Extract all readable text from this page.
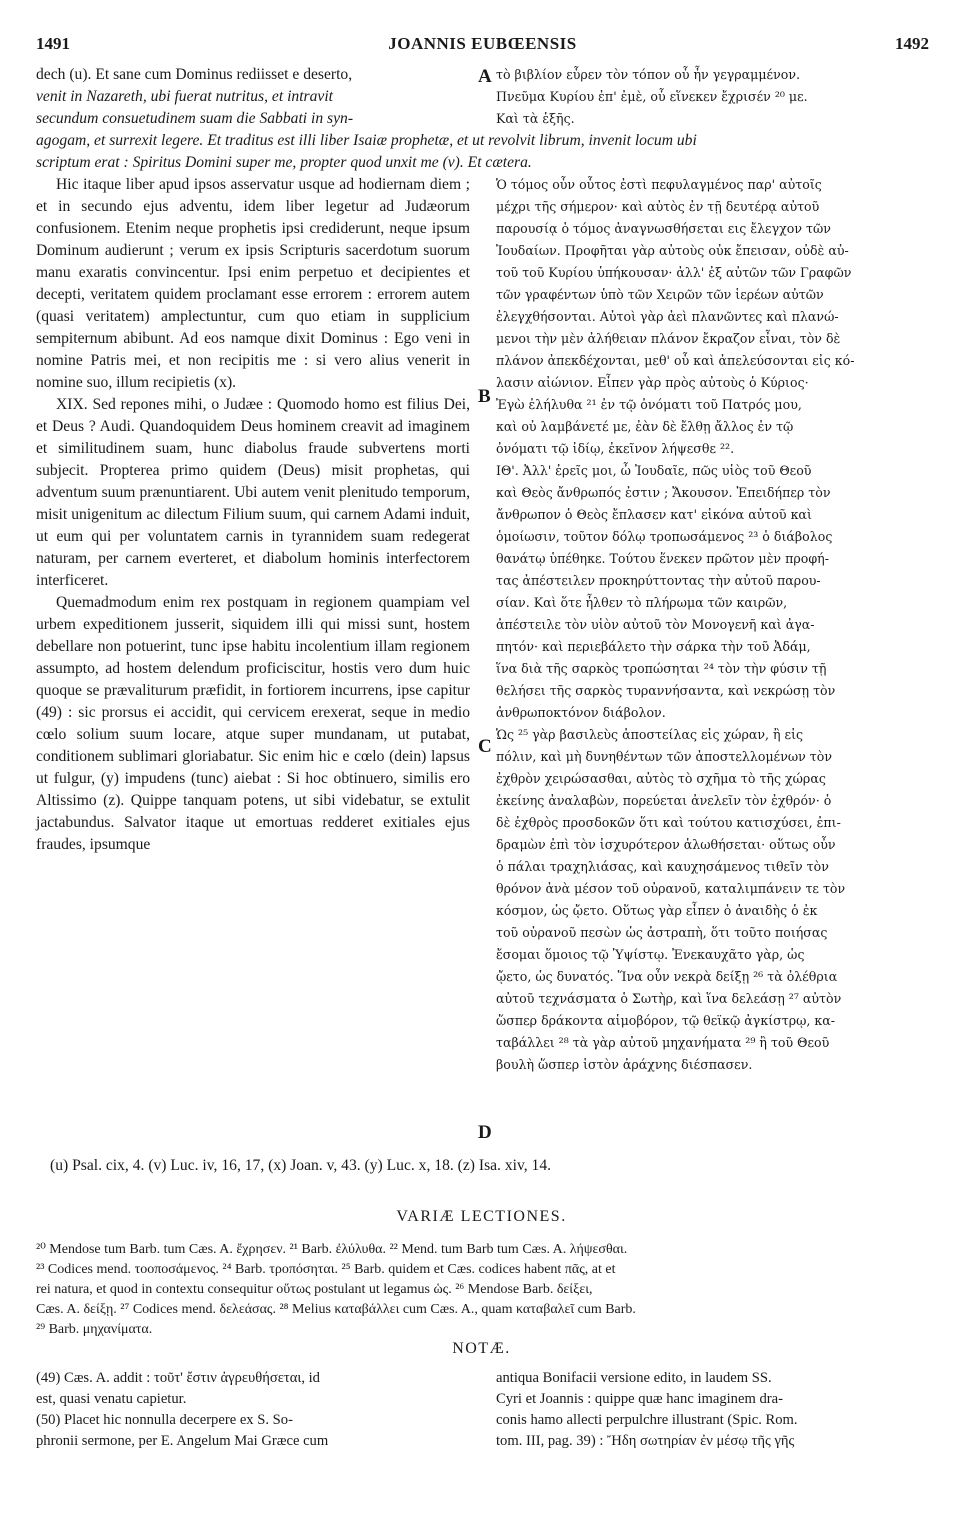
1491	JOANNIS EUBŒENSIS	1492
dech (u). Et sane cum Dominus rediisset e deserto,
venit in Nazareth, ubi fuerat nutritus, et intravit
secundum consuetudinem suam die Sabbati in syn-
A τὸ βιβλίον εὗρεν τὸν τόπον οὗ ἦν γεγραμμένον.
Πνεῦμα Κυρίου ἐπ' ἐμὲ, οὗ εἵνεκεν ἔχρισέν ²⁰ με.
Καὶ τὰ ἑξῆς.
agogam, et surrexit legere. Et traditus est illi liber Isaiæ prophetæ, et ut revolvit librum, invenit locum ubi
scriptum erat : Spiritus Domini super me, propter quod unxit me (v). Et cætera.

Hic itaque liber apud ipsos asservatur usque ad hodiernam diem ; et in secundo ejus adventu, idem liber legetur ad Judæorum confusionem. Etenim neque prophetis ipsi crediderunt, neque ipsum Dominum audierunt ; verum ex ipsis Scripturis sacerdotum suorum manu exaratis convincentur. Ipsi enim perpetuo et decipientes et decepti, veritatem quidem proclamant esse errorem : errorem autem (quasi veritatem) amplectuntur, cum quo etiam in supplicium sempiternum abibunt. Ad eos namque dixit Dominus : Ego veni in nomine Patris mei, et non recipitis me : si vero alius venerit in nomine suo, illum recipietis (x).

XIX. Sed repones mihi, o Judæe : Quomodo homo est filius Dei, et Deus ? Audi. Quandoquidem Deus hominem creavit ad imaginem et similitudinem suam, hunc diabolus fraude subvertens morti subjecit. Propterea primo quidem (Deus) misit prophetas, qui adventum suum prænuntiarent. Ubi autem venit plenitudo temporum, misit unigenitum ac dilectum Filium suum, qui carnem Adami induit, ut eum qui per voluntatem carnis in tyrannidem suam redegerat naturam, per carnem everteret, et diabolum hominis interfectorem interficeret.

Quemadmodum enim rex postquam in regionem quampiam vel urbem expeditionem jusserit, siquidem illi qui missi sunt, hostem debellare non potuerint, tunc ipse habitu incolentium illam regionem assumpto, ad hostem delendum proficiscitur, hostis vero dum huic quoque se prævaliturum præfidit, in fortiorem incurrens, ipse capitur (49) : sic prorsus ei accidit, qui cervicem erexerat, seque in medio cœlo solium suum locare, atque super mundanam, ut putabat, conditionem sublimari gloriabatur. Sic enim hic e cœlo (dein) lapsus ut fulgur, (y) impudens (tunc) aiebat : Si hoc obtinuero, similis ero Altissimo (z). Quippe tanquam potens, ut sibi videbatur, se extulit jactabundus. Salvator itaque ut emortuas redderet exitiales ejus fraudes, ipsumque

B
C
D
Ὁ τόμος οὖν οὗτος ἐστὶ πεφυλαγμένος παρ' αὐτοῖς
μέχρι τῆς σήμερον· καὶ αὐτὸς ἐν τῇ δευτέρᾳ αὐτοῦ
παρουσίᾳ ὁ τόμος ἀναγνωσθήσεται εις ἔλεγχον τῶν
Ἰουδαίων. Προφῆται γὰρ αὐτοὺς οὐκ ἔπεισαν, οὐδὲ αὐ-
τοῦ τοῦ Κυρίου ὑπήκουσαν· ἀλλ' ἐξ αὐτῶν τῶν Γραφῶν
τῶν γραφέντων ὑπὸ τῶν Χειρῶν τῶν ἱερέων αὐτῶν
ἐλεγχθήσονται. Αὐτοὶ γὰρ ἀεὶ πλανῶντες καὶ πλανώ-
μενοι τὴν μὲν ἀλήθειαν πλάνον ἔκραζον εἶναι, τὸν δὲ
πλάνον ἀπεκδέχονται, μεθ' οὗ καὶ ἀπελεύσονται εἰς κό-
λασιν αἰώνιον. Εἶπεν γὰρ πρὸς αὐτοὺς ὁ Κύριος·
Ἐγὼ ἐλήλυθα ²¹ ἐν τῷ ὀνόματι τοῦ Πατρός μου,
καὶ οὐ λαμβάνετέ με, ἐὰν δὲ ἔλθῃ ἄλλος ἐν τῷ
ὀνόματι τῷ ἰδίῳ, ἐκεῖνον λήψεσθε ²².
ΙΘ'. Ἀλλ' ἐρεῖς μοι, ὦ Ἰουδαῖε, πῶς υἱὸς τοῦ Θεοῦ
καὶ Θεὸς ἄνθρωπός ἐστιν ; Ἄκουσον. Ἐπειδήπερ τὸν
ἄνθρωπον ὁ Θεὸς ἔπλασεν κατ' εἰκόνα αὐτοῦ καὶ
ὁμοίωσιν, τοῦτον δόλῳ τροπωσάμενος ²³ ὁ διάβολος
θανάτῳ ὑπέθηκε. Τούτου ἕνεκεν πρῶτον μὲν προφή-
τας ἀπέστειλεν προκηρύττοντας τὴν αὐτοῦ παρου-
σίαν. Καὶ ὅτε ἦλθεν τὸ πλήρωμα τῶν καιρῶν,
ἀπέστειλε τὸν υἱὸν αὐτοῦ τὸν Μονογενῆ καὶ ἀγα-
πητόν· καὶ περιεβάλετο τὴν σάρκα τὴν τοῦ Ἀδάμ,
ἵνα διὰ τῆς σαρκὸς τροπώσηται ²⁴ τὸν τὴν φύσιν τῇ
θελήσει τῆς σαρκὸς τυραννήσαντα, καὶ νεκρώσῃ τὸν
ἀνθρωποκτόνον διάβολον.
Ὡς ²⁵ γὰρ βασιλεὺς ἀποστείλας εἰς χώραν, ἢ εἰς
πόλιν, καὶ μὴ δυνηθέντων τῶν ἀποστελλομένων τὸν
ἐχθρὸν χειρώσασθαι, αὐτὸς τὸ σχῆμα τὸ τῆς χώρας
ἐκείνης ἀναλαβὼν, πορεύεται ἀνελεῖν τὸν ἐχθρόν· ὁ
δὲ ἐχθρὸς προσδοκῶν ὅτι καὶ τούτου κατισχύσει, ἐπι-
δραμὼν ἐπὶ τὸν ἰσχυρότερον ἁλωθήσεται· οὕτως οὖν
ὁ πάλαι τραχηλιάσας, καὶ καυχησάμενος τιθεῖν τὸν
θρόνον ἀνὰ μέσον τοῦ οὐρανοῦ, καταλιμπάνειν τε τὸν
κόσμον, ὡς ᾤετο. Οὕτως γὰρ εἶπεν ὁ ἀναιδὴς ὁ ἐκ
τοῦ οὐρανοῦ πεσὼν ὡς ἀστραπὴ, ὅτι τοῦτο ποιήσας
ἔσομαι ὅμοιος τῷ Ὑψίστῳ. Ἐνεκαυχᾶτο γὰρ, ὡς
ᾤετο, ὡς δυνατός. Ἵνα οὖν νεκρὰ δείξῃ ²⁶ τὰ ὀλέθρια
αὐτοῦ τεχνάσματα ὁ Σωτὴρ, καὶ ἵνα δελεάσῃ ²⁷ αὐτὸν
ὥσπερ δράκοντα αἱμοβόρον, τῷ θεϊκῷ ἀγκίστρῳ, κα-
ταβάλλει ²⁸ τὰ γὰρ αὐτοῦ μηχανήματα ²⁹ ἢ τοῦ Θεοῦ
βουλὴ ὥσπερ ἱστὸν ἀράχνης διέσπασεν.
(u) Psal. cix, 4. (v) Luc. iv, 16, 17, (x) Joan. v, 43. (y) Luc. x, 18. (z) Isa. xiv, 14.
VARIÆ LECTIONES.

²⁰ Mendose tum Barb. tum Cæs. A. ἔχρησεν. ²¹ Barb. ἐλύλυθα. ²² Mend. tum Barb tum Cæs. A. λήψεσθαι.

²³ Codices mend. τοοποσάμενος. ²⁴ Barb. τροπόσηται. ²⁵ Barb. quidem et Cæs. codices habent πᾶς, at et

rei natura, et quod in contextu consequitur οὕτως postulant ut legamus ὡς. ²⁶ Mendose Barb. δείξει,

Cæs. A. δείξῃ. ²⁷ Codices mend. δελεάσας. ²⁸ Melius καταβάλλει cum Cæs. A., quam καταβαλεῖ cum Barb.

²⁹ Barb. μηχανίματα.

NOTÆ.

(49) Cæs. A. addit : τοῦτ' ἔστιν ἀγρευθήσεται, id

est, quasi venatu capietur.

(50) Placet hic nonnulla decerpere ex S. So-

phronii sermone, per E. Angelum Mai Græce cum

antiqua Bonifacii versione edito, in laudem SS.

Cyri et Joannis : quippe quæ hanc imaginem dra-

conis hamo allecti perpulchre illustrant (Spic. Rom.

tom. III, pag. 39) : Ἤδη σωτηρίαν ἐν μέσῳ τῆς γῆς
